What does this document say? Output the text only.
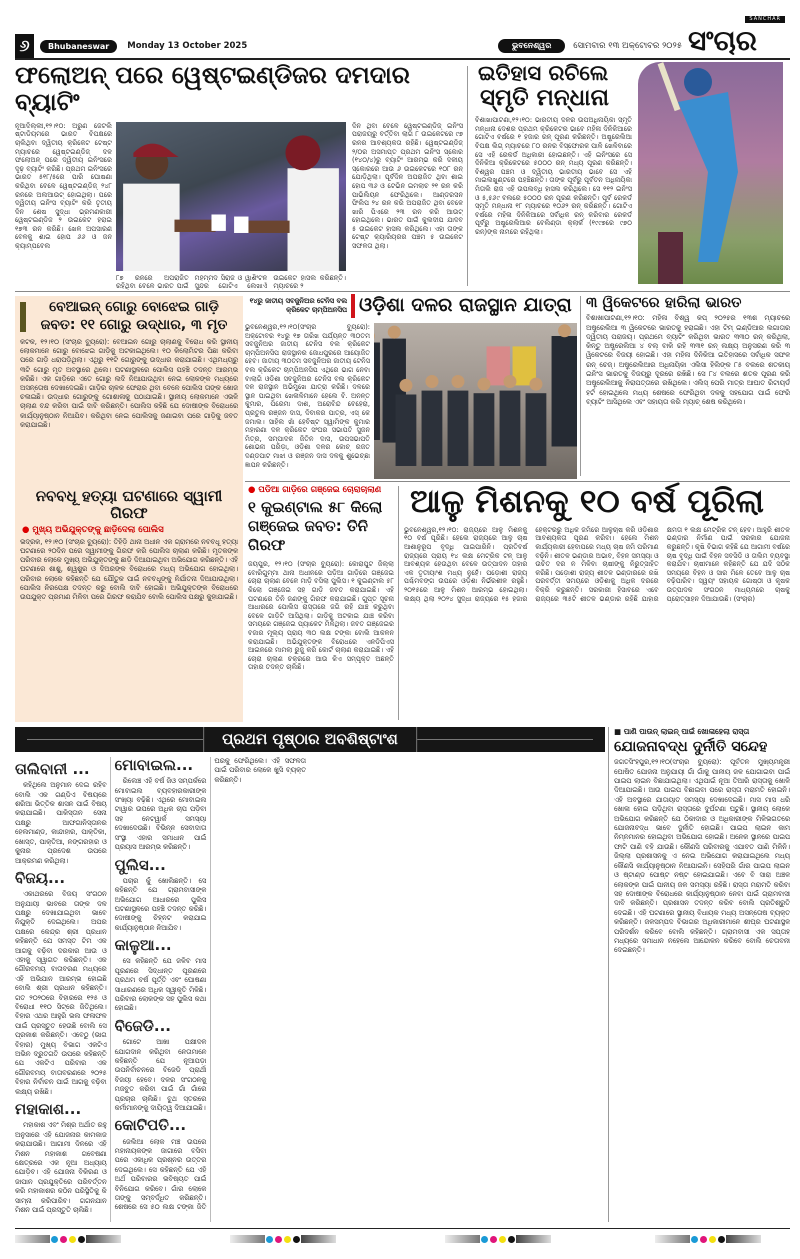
୬	Bhubaneswar	Monday 13 October 2025	ଭୁବନେଶ୍ୱର	ସୋମବାର ୧୩ ଅକ୍ଟୋବର ୨୦୨୫
SANCHAR
ସଂଚାର
ଫଲୋଅନ୍ ପରେ ୱେଷ୍ଟଇଣ୍ଡିଜର ଦମଦାର ବ୍ୟାଟିଂ
ନୂଆଦିଲ୍ଲୀ,୧୨।୧୦: ଅରୁଣ ଜେଟଲି ଷ୍ଟାଡିୟମରେ ଭାରତ ବିପକ୍ଷରେ ଚାଲିଥିବା ଦ୍ୱିତୀୟ କ୍ରିକେଟ ଟେଷ୍ଟ ମ୍ୟାଚରେ ୱେଷ୍ଟଇଣ୍ଡିଜ୍ ଦଳ ଫଲୋଅନ୍ ପରେ ଦ୍ୱିତୀୟ ଇନିଂସରେ ଦୃଢ଼ ବ୍ୟାଟିଂ କରିଛି। ପ୍ରଥମ ଇନିଂସରେ ଭାରତ ୫୧୮/୫ରେ ପାରି ଘୋଷଣା କରିଥିବା ବେଳେ ୱେଷ୍ଟଇଣ୍ଡିଜ୍ ୨୪୮ ରନରେ ଅଲଆଉଟ୍ ହୋଇଥିଲା। ପରେ ଦ୍ୱିତୀୟ ଇନିଂସ ବ୍ୟାଟିଂ କରି ତୃତୀୟ ଦିନ ଶେଷ ସୁଦ୍ଧା ଭ୍ରମଣକାରୀ ୱେଷ୍ଟଇଣ୍ଡିଜ ୨ ଉଇକେଟ ହରାଇ ୧୭୩ ରନ କରିଛି। ଖେଳ ଅପସାରଣ ବେଳକୁ ଶାଇ ହୋପ ୬୬ ଓ ଜନ କ୍ୟାମ୍ପବେଲ
୮୭ ରନରେ ଅପରାଜିତ ରହିଥିବା ବେଳେ ଭାରତ ପାଇଁ ମହମ୍ମଦ ସିରାଜ ଓ ୱାଶିଂଟନ ସୁନ୍ଦର ଗୋଟିଏ ଲେଖାଏଁ ଉଇକେଟ ହାସଲ କରିଛନ୍ତି। ମ୍ୟାଚରେ ୨
ଦିନ ଥିବା ବେଳେ ୱେଷ୍ଟଇଣ୍ଡିଜ୍ ଇନିଂସ ପରାଜୟରୁ ବର୍ତ୍ତିବା ଲାଗି ୮ ଉଇକେଟରେ ୯୭ ରନର ଆବଶ୍ୟକତା ରହିଛି। ୱେଷ୍ଟଇଣ୍ଡିଜ୍ ୨/୦ର ଅସମାପ୍ତ ପ୍ରଥମ ଇନିଂସ ସ୍କୋର (୧୪୦/୪)ରୁ ବ୍ୟାଟିଂ ଆରମ୍ଭ କରି ଦଳୀୟ ସ୍କୋରରେ ଆଉ ୬ ଉଇକେଟରେ ୧୦୮ ରନ୍ ଯୋଡ଼ିଥିଲା। ପୂର୍ବଦିନ ଅପରାଜିତ ଥିବା ଶାଇ ହୋପ ୩୬ ଓ ଟେଭିନ ଇମଲାଚ ୨୧ ରନ କରି ପାଭିଲିୟନ ଫେରିଥିଲେ। ଆଣ୍ଡରସନ ଫିଲିପ ୨୪ ରନ କରି ଅପରାଜିତ ଥିବା ବେଳେ ଖାରି ପିଏରେ ୨୩ ରନ କରି ଆଉଟ୍ ହୋଇଥିଲେ। ଭାରତ ପାଇଁ କୁଲଦୀପ ଯାଦବ ୫ ଉଇକେଟ ହାସଲ କରିଥିଲେ। ଏହା ତାଙ୍କ ଟେଷ୍ଟ କ୍ୟାରିୟରର ପଞ୍ଚମ ୫ ଉଇକେଟ ସଫଳତା ଥିଲା।
ଇତିହାସ ରଚିଲେ
ସ୍ମୃତି ମନ୍ଧାନା
ବିଶାଖାପାଟଣା,୧୨।୧୦: ଭାରତୀୟ ଦଳର ଉପଅଧିନାୟିକା ସ୍ମୃତି ମନ୍ଧାନା ଦେଶର ପ୍ରଥମ କ୍ରିକେଟର ଭାବେ ମହିଳା ଦିନିକିଆରେ ଗୋଟିଏ ବର୍ଷରେ ୧ ହଜାର ରନ୍ ପୂରଣ କରିଛନ୍ତି। ଅଷ୍ଟ୍ରେଲିଆ ବିପକ୍ଷ ଲିଗ୍ ମ୍ୟାଚରେ ୮୦ ରନର ବିସ୍ଫୋରକ ପାଳି ଖେଳିବାରେ ସେ ଏହି ରେକର୍ଡ ଅଧିକାରୀ ହୋଇଛନ୍ତି। ଏହି ଇନିଂସରେ ସେ ଦିନିକିଆ କ୍ରିକେଟରେ ୫୦୦୦ ରନ୍ ମଧ୍ୟ ପୂରଣ କରିଛନ୍ତି। ବିଶ୍ୱର ପଞ୍ଚମ ଓ ଦ୍ୱିତୀୟ ଭାରତୀୟ ଭାବେ ସେ ଏହି ମାଇଲଖୁଣ୍ଟରେ ପହଞ୍ଚିଛନ୍ତି। ତାଙ୍କ ପୂର୍ବରୁ ପୂର୍ବତନ ଅଧିନାୟିକା ମିତାଲି ରାଜ ଏହି ଉପଲବ୍ଧି ହାସଲ କରିଥିଲେ। ସେ ୧୧୨ ଇନିଂସ ଓ ୫,୫୬୯ ବଲରେ ୫୦୦୦ ରନ ପୂରଣ କରିଛନ୍ତି। ପୂର୍ବ ରେକର୍ଡ ସ୍ମୃତି ମନ୍ଧାନା ୧୮ ମ୍ୟାଚରେ ୧୦୬୨ ରନ୍ କରିଛନ୍ତି। ଗୋଟିଏ ବର୍ଷରେ ମହିଳା ଦିନିକିଆରେ ସର୍ବାଧିକ ରନ୍ କରିବାର ରେକର୍ଡ ପୂର୍ବରୁ ଅଷ୍ଟ୍ରେଲିଆର ବେଲିଣ୍ଡା କ୍ଲାର୍କ (୧୯୯୭ରେ ୯୭୦ ରନ୍)ଙ୍କ ନାମରେ ରହିଥିଲା।
ବେଆଇନ୍ ଗୋରୁ ବୋଝେଇ ଗାଡ଼ି ଜବତ: ୧୧ ଗୋରୁ ଉଦ୍ଧାର, ୩ ମୃତ
କଟକ, ୧୨।୧୦ (ସଂଚାର ବ୍ୟୁରୋ): ବେଆଇନ ଗୋରୁ ଚାଲାଣକୁ ବିରୋଧ କରି ସ୍ଥାନୀୟ ଲୋକମାନେ ଗୋରୁ ବୋଝେଇ ଗାଡ଼ିକୁ ଅଟକାଇଥିଲେ। ୧୦ କିଲୋମିଟର ପିଛା କରିବା ପରେ ଗାଡ଼ି ଧରାପଡ଼ିଥିଲା। ଏଥିରୁ ୧୧ଟି ଗୋରୁଙ୍କୁ ଉଦ୍ଧାର କରାଯାଇଛି। ଏଥିମଧ୍ୟରୁ ୩ଟି ଗୋରୁ ମୃତ ଅବସ୍ଥାରେ ଥିଲେ। ଘଟଣାସ୍ଥଳରେ ପୋଲିସ ପହଞ୍ଚି ତଦନ୍ତ ଆରମ୍ଭ କରିଛି। ଏକ ଗାଡ଼ିରେ ଏତେ ଗୋରୁ ଲଦି ନିଆଯାଉଥିବା ନେଇ ଲୋକଙ୍କ ମଧ୍ୟରେ ଅସନ୍ତୋଷ ଦେଖାଦେଇଛି। ଗାଡ଼ିର ଚାଳକ ଫେରାର ଥିବା ବେଳେ ପୋଲିସ ତାଙ୍କ ଖୋଜ ଚଳାଇଛି। ଉଦ୍ଧାର ଗୋରୁଙ୍କୁ ଗୋଶାଳାକୁ ପଠାଯାଇଛି। ସ୍ଥାନୀୟ ଲୋକମାନେ ଏଭଳି ଚାଲାଣ ବନ୍ଦ କରିବା ପାଇଁ ଦାବି କରିଛନ୍ତି। ପୋଲିସ କହିଛି ଯେ ଦୋଷୀଙ୍କ ବିରୋଧରେ କାର୍ଯ୍ୟାନୁଷ୍ଠାନ ନିଆଯିବ। କରିଥିବା ନେଇ ପୋଲିସକୁ ଜଣାଇବା ପରେ ଗାଡ଼ିକୁ ଜବତ କରାଯାଇଛି।
ନବବଧୂ ହତ୍ୟା ଘଟଣାରେ ସ୍ୱାମୀ ଗିରଫ
● ମୁଖ୍ୟ ଅଭିଯୁକ୍ତଙ୍କୁ ଛାଡ଼ିଦେଲା ପୋଲିସ
ଭଦ୍ରକ, ୧୨।୧୦ (ସଂଚାର ବ୍ୟୁରୋ): ତିହିଡ଼ି ଥାନା ଅଧୀନ ଏକ ଗ୍ରାମରେ ନବବଧୂ ହତ୍ୟା ଘଟଣାରେ ୨୦ଦିନ ପରେ ସ୍ୱାମୀଙ୍କୁ ଗିରଫ କରି ପୋଲିସ ଚାଲାଣ କରିଛି। ମୃତକଙ୍କ ପରିବାର ଲୋକେ ମୁଖ୍ୟ ଅଭିଯୁକ୍ତଙ୍କୁ ଛାଡ଼ି ଦିଆଯାଇଥିବା ଅଭିଯୋଗ କରିଛନ୍ତି। ଏହି ଘଟଣାରେ ଶାଶୁ, ଶ୍ୱଶୁର ଓ ଦିଅରଙ୍କ ବିରୋଧରେ ମଧ୍ୟ ଅଭିଯୋଗ ହୋଇଥିଲା। ପରିବାର ଲୋକେ କହିଛନ୍ତି ଯେ ଯୌତୁକ ପାଇଁ ନବବଧୂଙ୍କୁ ନିର୍ଯାତନା ଦିଆଯାଉଥିଲା। ପୋଲିସ ନିରପେକ୍ଷ ତଦନ୍ତ କରୁ ବୋଲି ଦାବି ହୋଇଛି। ଅଭିଯୁକ୍ତଙ୍କ ବିରୋଧରେ ଉପଯୁକ୍ତ ପ୍ରମାଣ ମିଳିବା ପରେ ଗିରଫ କରାଯିବ ବୋଲି ପୋଲିସ ପକ୍ଷରୁ କୁହାଯାଇଛି।
୧୪ରୁ ଜାତୀୟ ସବଜୁନିଅର ଟେନିସ ବଲ କ୍ରିକେଟ ଚାମ୍ପିଅନସିପ ଓଡ଼ିଶା ଦଳର ରାଜସ୍ଥାନ ଯାତ୍ରା
ଭୁବନେଶ୍ୱର,୧୨।୧୦(ସଂଚାର ବ୍ୟୁରୋ): ଅକ୍ଟୋବର ୧୪ରୁ ୧୭ ତାରିଖ ପର୍ଯ୍ୟନ୍ତ ୩୦ତମ ସବଜୁନିଅର ଜାତୀୟ ଟେନିସ ବଲ କ୍ରିକେଟ ଚାମ୍ପିଅନସିପ ରାଜସ୍ଥାନର ଜୋଧପୁରରେ ଆୟୋଜିତ ହେବ। ଜାତୀୟ ୩୦ତମ ସବଜୁନିଅର ଜାତୀୟ ଟେନିସ ବଲ କ୍ରିକେଟ ଚାମ୍ପିଅନସିପ ଏଥିରେ ଭାଗ ନେବା ବାଲାଗି ଓଡ଼ିଶା ସବଜୁନିଅର ଟେନିସ ବଲ କ୍ରିକେଟ ଦଳ ରାଜସ୍ଥାନ ଅଭିମୁଖେ ଯାତ୍ରା କରିଛି। ଦଳରେ ସ୍ଥାନ ପାଇଥିବା ଖେଳାଳିମାନେ ହେଲେ ବି. ଅନନ୍ତ କୁମାର, ପିରେମା ଦାଶ, ଅରୋବିନ୍ଦ ବେହେରା, ପ୍ରତୁଲ ରଞ୍ଜନ ଦାସ, ଦିବାକର ପାତ୍ର, ଏସ୍ କେ ଜମାଲ। ସାହିଲ ଖାଁ ହେବିଷ୍ଟ ସ୍ୱାମିଙ୍କ କୁମାର ମହାରଣା ଦଳ କ୍ରିକେଟ ସଂଘର ସଭାପତି ସୁଜନ ମିତ୍ର, ସମ୍ପାଦକ ଜିତିନ ଦାସ, ଉପସଭାପତି ଶୋଭନା ପରିଡ଼ା, ଓଡ଼ିଶା ଦଳର କୋଚ୍ ରଜତ ଦଣ୍ଡପାଟ ମାଝୀ ଓ ରଞ୍ଜନ ଦାସ ଦଳକୁ ଶୁଭେଚ୍ଛା ଜ୍ଞାପନ କରିଛନ୍ତି।
୩ ୱିକେଟରେ ହାରିଲା ଭାରତ
ବିଶାଖାପାଟଣା,୧୨।୧୦: ମହିଳା ବିଶ୍ୱ କପ୍ ୨୦୨୫ର ୧୩ଶ ମ୍ୟାଚରେ ଅଷ୍ଟ୍ରେଲିଆ ୩ ୱିକେଟରେ ଭାରତକୁ ହରାଇଛି। ଏହା ଟିମ୍ ଇଣ୍ଡିଆର ଲଗାତାର ଦ୍ୱିତୀୟ ପରାଜୟ। ପ୍ରଥମେ ବ୍ୟାଟିଂ କରିଥିବା ଭାରତ ୩୩୦ ରନ୍ କରିଥିଲା, କିନ୍ତୁ ଅଷ୍ଟ୍ରେଲିଆ ୪ ବଲ୍ ବାକି ରହି ୩୩୧ ରନ୍ ଲକ୍ଷ୍ୟ ଅନୁସରଣ କରି ୩ ୱିକେଟରେ ବିଜୟୀ ହୋଇଛି। ଏହା ମହିଳା ଦିନିକିଆ ଇତିହାସରେ ସର୍ବାଧିକ ସଫଳ ରନ୍ ଚେଜ୍। ଅଷ୍ଟ୍ରେଲିଆର ଅଧିନାୟିକା ଏଲିସା ହିଲିଙ୍କ ୮୫ ବଲରେ ଶତକୀୟ ଇନିଂସ ଭାରତକୁ ବିଜୟରୁ ଦୂରରେ ରଖିଛି। ସେ ୮୪ ବଲରେ ଶତକ ପୂରଣ କରି ଅଷ୍ଟ୍ରେଲିଆକୁ ନିରାପତ୍ତାରେ ରଖିଥିଲେ। ଏଲିସ୍ ପେରି ମାତ୍ର ଆଘାତ ରିଟାୟର୍ଡ ହର୍ଟ ହୋଇଥିଲେ ମଧ୍ୟ ଶେଷରେ ଫେରିଥିବା ଦଳକୁ ସହଯୋଗ ପାଇଁ ଫେରି ବ୍ୟାଟିଂ ଆସିଥିଲେ ଏବଂ ସହାୟତା କରି ମ୍ୟାଚ୍ ଶେଷ କରିଥିଲେ।
● ପଡିଆ ଗାଡ଼ିରେ ଗଞ୍ଜେଇ ଚୋରାଚାଲାଣ
୧ କୁଇଣ୍ଟାଲ ୫୮ କିଲୋ ଗଞ୍ଜେଇ ଜବତ: ତିନି ଗିରଫ
ଜୟପୁର, ୧୨।୧୦ (ସଂଚାର ବ୍ୟୁରୋ): କୋରାପୁଟ ଜିଲ୍ଲା ବୋରିଗୁମ୍ମା ଥାନା ଅଧୀନରେ ପଡ଼ିଆ ଗାଡ଼ିରେ ଗଞ୍ଜେଇ ଚୋରା ଚାଲାଣ ବେଳେ ମାଡ଼ି ବସିଲା ପୁଲିସ। ୧ କୁଇଣ୍ଟାଲ ୫୮ କିଲୋ ଗଞ୍ଜେଇ ସହ ଗାଡ଼ି ଜବତ କରାଯାଇଛି। ଏହି ଘଟଣାରେ ତିନି ଜଣଙ୍କୁ ଗିରଫ କରାଯାଇଛି। ଗୁପ୍ତ ସୂଚନା ଆଧାରରେ ପୋଲିସ ରାସ୍ତାରେ ଜଗି ରହି ଯାଞ୍ଚ କରୁଥିବା ବେଳେ ଗାଡ଼ିଟି ଆସିଥିଲା। ଗାଡ଼ିକୁ ଅଟକାଇ ଯାଞ୍ଚ କରିବା ସମୟରେ ଗଞ୍ଜେଇ ପ୍ୟାକେଟ ମିଳିଥିଲା। ଜବତ ଗଞ୍ଜେଇର ବଜାର ମୂଲ୍ୟ ପ୍ରାୟ ୩୦ ଲକ୍ଷ ଟଙ୍କା ବୋଲି ଆକଳନ କରାଯାଇଛି। ଅଭିଯୁକ୍ତଙ୍କ ବିରୋଧରେ ଏନଡିପିଏସ ଆଇନରେ ମାମଲା ରୁଜୁ କରି କୋର୍ଟ ଚାଲାଣ କରାଯାଇଛି। ଏହି ଚୋରା ଚାଲାଣ ଚକ୍ରରେ ଆଉ କିଏ ସମ୍ପୃକ୍ତ ଅଛନ୍ତି ତାହାର ତଦନ୍ତ ଚାଲିଛି।
ଆଳୁ ମିଶନକୁ ୧୦ ବର୍ଷ ପୂରିଲା
ଭୁବନେଶ୍ୱର,୧୨।୧୦: ରାଜ୍ୟରେ ଆଳୁ ମିଶନକୁ ୧୦ ବର୍ଷ ପୂରିଛି। ହେଲେ ରାଜ୍ୟରେ ଆଳୁ ଚାଷ ଆଶାନୁରୂପ ବୃଦ୍ଧି ପାଇପାରିନି। ପ୍ରତିବର୍ଷ ରାଜ୍ୟରେ ପ୍ରାୟ ୧୪ ଲକ୍ଷ ମେଟ୍ରିକ ଟନ୍ ଆଳୁ ଆବଶ୍ୟକ ହେଉଥିବା ବେଳେ ଉତ୍ପାଦନ ତାହାର ଏକ ତୃତୀୟାଂଶ ମଧ୍ୟ ନୁହେଁ। ପଡ଼ୋଶୀ ରାଜ୍ୟ ପଶ୍ଚିମବଙ୍ଗ ଉପରେ ଓଡ଼ିଶା ନିର୍ଭରଶୀଳ ରହୁଛି। ୨୦୧୫ରେ ଆଳୁ ମିଶନ ଆରମ୍ଭ ହୋଇଥିଲା। ଲକ୍ଷ୍ୟ ଥିଲା ୨୦୨୪ ସୁଦ୍ଧା ରାଜ୍ୟରେ ୧୫ ହଜାର ହେକ୍ଟରରୁ ଅଧିକ ଜମିରେ ଆଳୁଚାଷ କରି ଓଡ଼ିଶାର ଆବଶ୍ୟକତା ପୂରଣ କରିବା। ହେଲେ ମିଶନ କାର୍ଯ୍ୟକାରୀ ହେବାପରେ ମଧ୍ୟ ଚାଷ ଜମି ପରିମାଣ ବଢ଼ିନି। ଶୀତଳ ଭଣ୍ଡାର ଅଭାବ, ବିହନ ସମସ୍ୟା ଓ ଉଚିତ ଦର ନ ମିଳିବା ଚାଷୀଙ୍କୁ ନିରୁତ୍ସାହିତ କରିଛି। ପଡ଼ୋଶୀ ରାଜ୍ୟ ଶୀତଳ ଭଣ୍ଡାରରେ ରଖି ପରବର୍ତ୍ତୀ ସମୟରେ ଓଡ଼ିଶାକୁ ଅଧିକ ଦରରେ ବିକ୍ରି କରୁଛନ୍ତି। ସରକାରୀ ହିସାବରେ ଏବେ ରାଜ୍ୟରେ ୩୫ଟି ଶୀତଳ ଭଣ୍ଡାର ରହିଛି ଯାହାର କ୍ଷମତା ୧ ଲକ୍ଷ ମେଟ୍ରିକ ଟନ୍ ହେବ। ଆହୁରି ଶୀତଳ ଭଣ୍ଡାର ନିର୍ମାଣ ପାଇଁ ସରକାର ଯୋଜନା କରୁଛନ୍ତି। କୃଷି ବିଭାଗ କହିଛି ଯେ ଆଗାମୀ ବର୍ଷରେ ଚାଷ ବୃଦ୍ଧି ପାଇଁ ବିହନ ସବସିଡି ଓ ତାଲିମ ବ୍ୟବସ୍ଥା କରାଯିବ। ଚାଷୀମାନେ କହିଛନ୍ତି ଯେ ଯଦି ସଠିକ ସମୟରେ ବିହନ ଓ ସାର ମିଳେ ତେବେ ଆଳୁ ଚାଷ ବଢ଼ିପାରିବ। ସ୍ୱୟଂ ସହାୟକ ଗୋଷ୍ଠୀ ଓ କୃଷକ ଉତ୍ପାଦକ ସଂଗଠନ ମାଧ୍ୟମରେ ଚାଷକୁ ପ୍ରୋତ୍ସାହନ ଦିଆଯାଉଛି। (ସଂଚାର)
ପ୍ରଥମ ପୃଷ୍ଠାର ଅବଶିଷ୍ଟାଂଶ
ତାଲିବାନୀ ...

କହିଥିଲେ ଅନୁମାନ ଦେଇ ରହିବ ବୋଲି ଏକ ଗଣ୍ଡିଏ ବିଷୟରେ ଶରିଆ ଭିତ୍ତିକ ଶାସନ ପାଇଁ ବିଷୟ କରାଯାଇଛି। ପାକିସ୍ତାନ ସେନା ପକ୍ଷରୁ ଆଫଗାନିସ୍ତାନର ହେଲମାଣ୍ଡ, କାନ୍ଦାହାର, ପାକ୍ତିକା, ଖୋସ୍ତ, ପାକ୍ତିଆ, ନଙ୍ଗରହାର ଓ କୁନାର ପ୍ରଦେଶ ଉପରେ ଆକ୍ରମଣ କରିଥିଲା।

ବିଜୟ...

ଏକାଥରରେ ବିଜୟ ସଂଗଠନ ଅନୁଯାୟୀ ଭାବରେ ତାଙ୍କ ଦଳ ପକ୍ଷରୁ ଦେଖାଯାଇଥିବା ଭାବେ ନିଯୁକ୍ତି ଦେଇଥିଲେ। ଅପର ପକ୍ଷରେ କେନ୍ଦ୍ର ଶ୍ରୀ ପ୍ରଧାନ କହିଛନ୍ତି ଯେ ସମସ୍ତ ଟିମ ଏକ ଆଗକୁ ବଢ଼ିବା ଦରକାର ଆଉ ଓ ଏହାକୁ ସ୍ୱାଗତ କରିଛନ୍ତି। ଏକ ଗୌରବମୟ ବାତାବରଣ ମଧ୍ୟରେ ଏହି ଅଭିଯାନ ଆରମ୍ଭ ହୋଇଛି ବୋଲି ଶ୍ରୀ ପ୍ରଧାନ କହିଛନ୍ତି। ଗତ ୨୦୨୦ରେ ବିହାରରେ ୧୨୫ ଓ ବିରୋଧୀ ୧୧୦ ସିଟ୍‌ରେ ଜିତିଥିଲେ। ବିହାର ଏଥର ଆହୁରି ଭଲ ଫଳାଫଳ ପାଇଁ ପ୍ରସ୍ତୁତ ହେଉଛି ବୋଲି ସେ ପ୍ରକାଶ କରିଛନ୍ତି। ଏବେଠୁ (ଭାଗ ବିହାର) ମୁଖ୍ୟ ବିଭାଗ ଏକଟିଏ ଅଭିନ ଦ୍ରୁତଗତି ଉପରେ କହିଛନ୍ତି ଯେ ଏକଟିଏ ପରିବାର ଏକ ଗୌରବମୟ ବାତାବରଣରେ ୨୦୨୫ ବିହାର ନିର୍ବାଚନ ପାଇଁ ଆଗକୁ ବଢ଼ିବା ଲକ୍ଷ୍ୟ ରଖିଛି।

ମହାକାଶ...

ମହାକାଶ ଏବଂ ମିଶ୍ର ଅର୍ଥାତ ରହୁ ଅନୁସାରେ ଏହି ଯୋଜନାର କାମକାଜ କରାଯାଉଛି। ଆଗାମୀ ଦିନରେ ଏହି ମିଶନ ମହାକାଶ ଗବେଷଣା କ୍ଷେତ୍ରରେ ଏକ ନୂଆ ଅଧ୍ୟାୟ ଯୋଡ଼ିବ। ଏହି ଯୋଜନା ବିକିରଣ ଓ ଜାପାନ ପ୍ରଯୁକ୍ତିରେ ପରିବର୍ତ୍ତନ କରି ମହାକାଶର କଠିନ ପରିସ୍ଥିତିକୁ କି ସାମ୍ନା କରିପାରିବ। ଗଗନଯାନ ମିଶନ ପାଇଁ ପ୍ରସ୍ତୁତି ଚାଲିଛି।

ମୋବାଇଲ...

ରିଲେଞ୍ଚ ଏହି ବର୍ଷ ଜିଓ ସମ୍ପର୍କରେ ମୋବାଇଲ ବ୍ୟବହାରକାରୀଙ୍କ ସଂଖ୍ୟା ବଢ଼ିଛି। ଏଥିରେ ମୋବାଇଲ ଟାୱାର ଉପରେ ଅଧିକ ଚାପ ପଡ଼ିବା ସହ ନେଟୱାର୍କ ସମସ୍ୟା ଦେଖାଦେଉଛି। ବିଭିନ୍ନ ସେବାଦାତା ସଂସ୍ଥା ଏହାର ସମାଧାନ ପାଇଁ ପ୍ରୟାସ ଆରମ୍ଭ କରିଛନ୍ତି।

ପୁଲିସ...

ପଚାର କୁଁ ଖୋଲିଛନ୍ତି। ସେ କହିଛନ୍ତି ଯେ ଗ୍ରାମବାସୀଙ୍କ ଅଭିଯୋଗ ଆଧାରରେ ପୁଲିସ ଘଟଣାସ୍ଥଳରେ ପହଞ୍ଚି ତଦନ୍ତ କରିଛି। ଦୋଷୀଙ୍କୁ ଚିହ୍ନଟ କରାଯାଇ କାର୍ଯ୍ୟାନୁଷ୍ଠାନ ନିଆଯିବ।

କାଳୁଆ...

ସେ କହିଛନ୍ତି ଯେ ଜଳିବ ମାସ ପୂରଣରେ ସିଦ୍ଧାନ୍ତ ପୂରଣରେ ପ୍ରଥମ ବର୍ଷ ପୂର୍ତ୍ତି ଏବଂ ଘୋଷଣା ସାଧାରଣରେ ଅଧିକ ସ୍ୱୀକୃତି ମିଳିଛି। ପରିବାର ଲୋକଙ୍କ ସହ ପୁଲିସ କଥା ହୋଇଛି।

ବିଜେଡି...

ଗୋଟେ ଆଖା ପକ୍ଷୀଦଳ ଯୋଗଦାନ କରିଥିବା ନେତାମାନେ କହିଛନ୍ତି ଯେ ନୂଆପଡ଼ା ଉପନିର୍ବାଚନରେ ବିଜେଡି ପ୍ରାର୍ଥୀ ବିଜୟୀ ହେବେ। ଦଳର ସଂଗଠନକୁ ମଜବୁତ କରିବା ପାଇଁ ଗାଁ ଗାଁରେ ପ୍ରଚାର ଚାଲିଛି। ବୁଥ ସ୍ତରରେ କର୍ମୀମାନଙ୍କୁ ଦାୟିତ୍ୱ ଦିଆଯାଇଛି।

କୋଟିପତି...

ଜେଲିଆ ଲୋକ ମଞ୍ଚ ଉପରେ ମହାନାୟକଙ୍କ ଜାଗାରେ ବସିବା ପରେ ଏକାଧିକ ପ୍ରଶ୍ନର ଉତ୍ତର ଦେଇଥିଲେ। ସେ କହିଛନ୍ତି ଯେ ଏହି ଅର୍ଥ ପରିବାରର ଭବିଷ୍ୟତ ପାଇଁ ବିନିଯୋଗ କରିବେ। ଗାଁର ଲୋକେ ତାଙ୍କୁ ସମ୍ବର୍ଦ୍ଧିତ କରିଛନ୍ତି। ଶେଷରେ ସେ ୫୦ ଲକ୍ଷ ଟଙ୍କା ଜିତି ଘରକୁ ଫେରିଥିଲେ। ଏହି ସଫଳତା ପାଇଁ ପରିବାର ଲୋକେ ଖୁସି ବ୍ୟକ୍ତ କରିଛନ୍ତି।

■ ପାଣି ପାଉନ୍ ଲାଇନ୍ ପାଇଁ ଖୋଳାହେଲା ରାସ୍ତା
ଯୋଜନାବଦ୍ଧ ଦୁର୍ନୀତି ସନ୍ଦେହ
ଜଗତସିଂହପୁର,୧୨।୧୦(ସଂଚାର ବ୍ୟୁରୋ): ପୂର୍ବତନ ମୁଖ୍ୟମନ୍ତ୍ରୀ ଘୋଷିତ ଯୋଜନା ଅନୁଯାୟୀ ଗାଁ ଗାଁକୁ ପାନୀୟ ଜଳ ଯୋଗାଇବା ପାଇଁ ପାଇପ ଲାଇନ ବିଛାଯାଇଥିଲା। ଏଥିପାଇଁ ନୂଆ ତିଆରି ରାସ୍ତାକୁ ଖୋଳି ଦିଆଯାଇଛି। ଆଉ ପାଇପ ବିଛାଇବା ପରେ ରାସ୍ତା ମରାମତି ହୋଇନି। ଏହି ଅବସ୍ଥାରେ ଯାତାୟାତ ସମସ୍ୟା ଦେଖାଦେଇଛି। ମାସ ମାସ ଧରି ଖୋଳା ହୋଇ ପଡ଼ିଥିବା ରାସ୍ତାରେ ଦୁର୍ଘଟଣା ଘଟୁଛି। ସ୍ଥାନୀୟ ଲୋକେ ଅଭିଯୋଗ କରିଛନ୍ତି ଯେ ଠିକାଦାର ଓ ଅଧିକାରୀଙ୍କ ମିଳିଭଗତରେ ଯୋଜନାବଦ୍ଧ ଭାବେ ଦୁର୍ନୀତି ହୋଇଛି। ପାଇପ ଲାଇନ କାମ ନିମ୍ନମାନର ହୋଇଥିବା ଅଭିଯୋଗ ହୋଇଛି। ଅନେକ ସ୍ଥାନରେ ପାଇପ ଫାଟି ପାଣି ବହି ଯାଉଛି। କୌଣସି ପରିବାରକୁ ଏଯାବତ ପାଣି ମିଳିନି। ଜିଲ୍ଲା ପ୍ରଶାସନକୁ ଏ ନେଇ ଅଭିଯୋଗ କରାଯାଇଥିଲେ ମଧ୍ୟ କୌଣସି କାର୍ଯ୍ୟାନୁଷ୍ଠାନ ନିଆଯାଇନି। ସେହିପରି ଗାଁର ପାଇପ ଲାଇନ ଓ ଷ୍ଟାଣ୍ଡ ପୋଷ୍ଟ ନଷ୍ଟ ହୋଇଯାଇଛି। ଏବେ ବି ସାରା ଅଞ୍ଚଳ ଲୋକଙ୍କ ପାଇଁ ପାନୀୟ ଜଳ ସମସ୍ୟା ରହିଛି। ରାସ୍ତା ମରାମତି କରିବା ସହ ଦୋଷୀଙ୍କ ବିରୋଧରେ କାର୍ଯ୍ୟାନୁଷ୍ଠାନ ନେବା ପାଇଁ ଗ୍ରାମବାସୀ ଦାବି କରିଛନ୍ତି। ପ୍ରଶାସନ ତଦନ୍ତ କରିବ ବୋଲି ପ୍ରତିଶ୍ରୁତି ଦେଇଛି। ଏହି ଘଟଣାରେ ସ୍ଥାନୀୟ ବିଧାୟକ ମଧ୍ୟ ଅସନ୍ତୋଷ ବ୍ୟକ୍ତ କରିଛନ୍ତି। ଜଳସମ୍ପଦ ବିଭାଗର ଅଧିକାରୀମାନେ ଶୀଘ୍ର ଘଟଣାସ୍ଥଳ ପରିଦର୍ଶନ କରିବେ ବୋଲି କହିଛନ୍ତି। ଗ୍ରାମବାସୀ ଏକ ସପ୍ତାହ ମଧ୍ୟରେ ସମାଧାନ ନହେଲେ ଆନ୍ଦୋଳନ କରିବେ ବୋଲି ଚେତାବନୀ ଦେଇଛନ୍ତି।
